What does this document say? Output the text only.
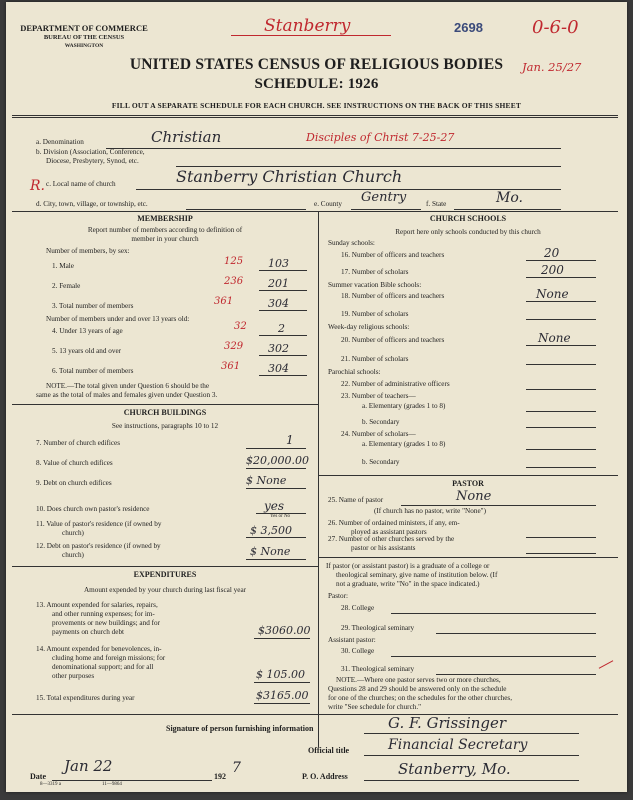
DEPARTMENT OF COMMERCE
BUREAU OF THE CENSUS
WASHINGTON
Stanberry	2698	0-6-0
Jan. 25/27
UNITED STATES CENSUS OF RELIGIOUS BODIES
SCHEDULE: 1926
FILL OUT A SEPARATE SCHEDULE FOR EACH CHURCH. SEE INSTRUCTIONS ON THE BACK OF THIS SHEET
a. Denomination	Christian	Disciples of Christ 7-25-27
b. Division (Association, Conference,
Diocese, Presbytery, Synod, etc.
R. c. Local name of church	Stanberry Christian Church
d. City, town, village, or township, etc.	e. County Gentry	f. State	Mo.
MEMBERSHIP
Report number of members according to definition of
member in your church
Number of members, by sex:
1. Male	125 103
2. Female	236 201
3. Total number of members	361	304
Number of members under and over 13 years old:
4. Under 13 years of age	32	2
5. 13 years old and over	329 302
6. Total number of members	361	304
NOTE.—The total given under Question 6 should be the
same as the total of males and females given under Question 3.
CHURCH BUILDINGS
See instructions, paragraphs 10 to 12
7. Number of church edifices	1
8. Value of church edifices	$20,000.00
9. Debt on church edifices	$ None
10. Does church own pastor's residence	yes
Yes or No
11. Value of pastor's residence (if owned by
church)	$ 3,500
12. Debt on pastor's residence (if owned by
church)	$ None
EXPENDITURES
Amount expended by your church during last fiscal year
13. Amount expended for salaries, repairs,
and other running expenses; for im-
provements or new buildings; and for
payments on church debt	$3060.00
14. Amount expended for benevolences, in-
cluding home and foreign missions; for
denominational support; and for all
other purposes	$ 105.00
15. Total expenditures during year	$3165.00
CHURCH SCHOOLS
Report here only schools conducted by this church
Sunday schools:
16. Number of officers and teachers	20
17. Number of scholars	200
Summer vacation Bible schools:
18. Number of officers and teachers	None
19. Number of scholars
Week-day religious schools:
20. Number of officers and teachers	None
21. Number of scholars
Parochial schools:
22. Number of administrative officers
23. Number of teachers—
a. Elementary (grades 1 to 8)
b. Secondary
24. Number of scholars—
a. Elementary (grades 1 to 8)
b. Secondary
PASTOR
25. Name of pastor	None
(If church has no pastor, write "None")
26. Number of ordained ministers, if any, em-
ployed as assistant pastors
27. Number of other churches served by the
pastor or his assistants
If pastor (or assistant pastor) is a graduate of a college or
theological seminary, give name of institution below. (If
not a graduate, write "No" in the space indicated.)
Pastor:
28. College
29. Theological seminary
Assistant pastor:
30. College
31. Theological seminary
NOTE.—Where one pastor serves two or more churches,
Questions 28 and 29 should be answered only on the schedule
for one of the churches; on the schedules for the other churches,
write "See schedule for church."
Signature of person furnishing information	G. F. Grissinger
Official title	Financial Secretary
Date
Jan 22
192
7
P. O. Address	Stanberry, Mo.
8—3319 a	11—9864
